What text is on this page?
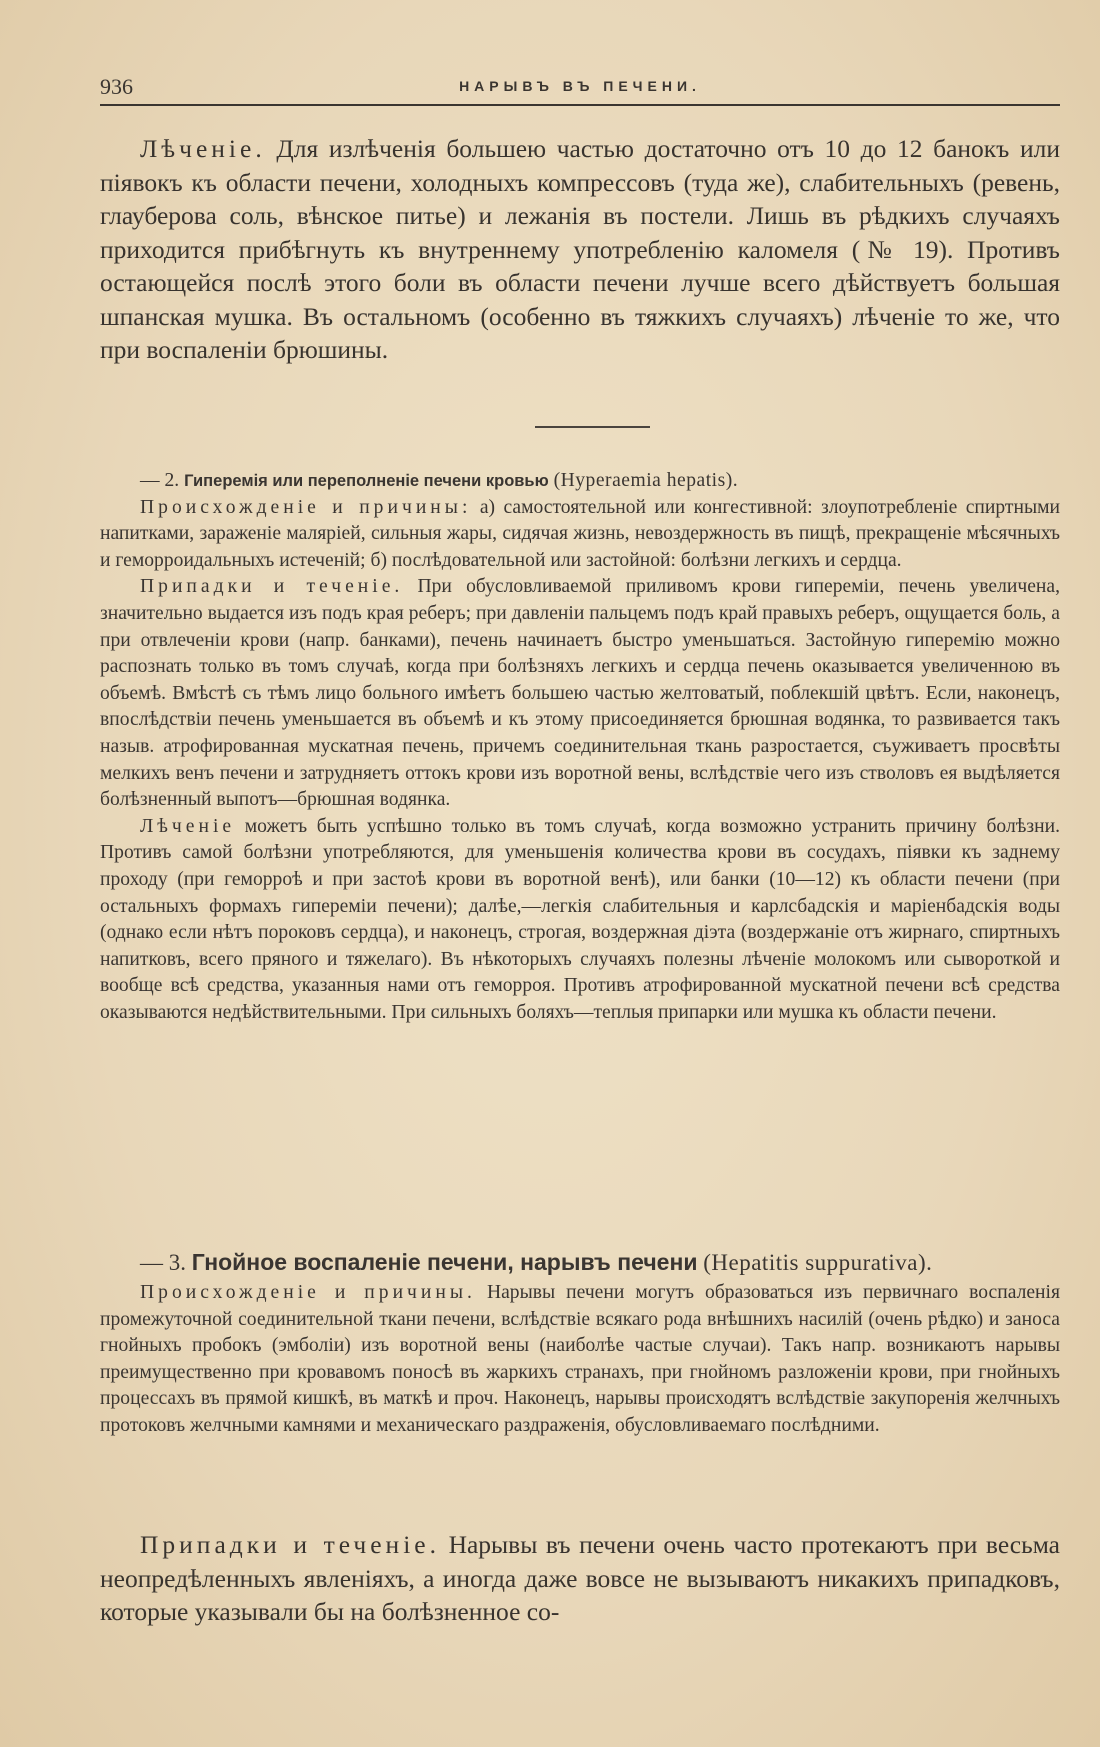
936	НАРЫВЪ ВЪ ПЕЧЕНИ.

Лѣченіе. Для излѣченія большею частью достаточно отъ 10 до 12 банокъ или піявокъ къ области печени, холодныхъ компрессовъ (туда же), слабительныхъ (ревень, глауберова соль, вѣнское питье) и лежанія въ постели. Лишь въ рѣдкихъ случаяхъ приходится прибѣгнуть къ внутреннему употребленію каломеля (№ 19). Противъ остающейся послѣ этого боли въ области печени лучше всего дѣйствуетъ большая шпанская мушка. Въ остальномъ (особенно въ тяжкихъ случаяхъ) лѣченіе то же, что при воспаленіи брюшины.

— 2. Гиперемія или переполненіе печени кровью (Hyperaemia hepatis).

Происхожденіе и причины: а) самостоятельной или конгестивной: злоупотребленіе спиртными напитками, зараженіе маляріей, сильныя жары, сидячая жизнь, невоздержность въ пищѣ, прекращеніе мѣсячныхъ и геморроидальныхъ истеченій; б) послѣдовательной или застойной: болѣзни легкихъ и сердца.

Припадки и теченіе. При обусловливаемой приливомъ крови гипереміи, печень увеличена, значительно выдается изъ подъ края реберъ; при давленіи пальцемъ подъ край правыхъ реберъ, ощущается боль, а при отвлеченіи крови (напр. банками), печень начинаетъ быстро уменьшаться. Застойную гиперемію можно распознать только въ томъ случаѣ, когда при болѣзняхъ легкихъ и сердца печень оказывается увеличенною въ объемѣ. Вмѣстѣ съ тѣмъ лицо больного имѣетъ большею частью желтоватый, поблекшій цвѣтъ. Если, наконецъ, впослѣдствіи печень уменьшается въ объемѣ и къ этому присоединяется брюшная водянка, то развивается такъ назыв. атрофированная мускатная печень, причемъ соединительная ткань разростается, съуживаетъ просвѣты мелкихъ венъ печени и затрудняетъ оттокъ крови изъ воротной вены, вслѣдствіе чего изъ стволовъ ея выдѣляется болѣзненный выпотъ—брюшная водянка.

Лѣченіе можетъ быть успѣшно только въ томъ случаѣ, когда возможно устранить причину болѣзни. Противъ самой болѣзни употребляются, для уменьшенія количества крови въ сосудахъ, піявки къ заднему проходу (при геморроѣ и при застоѣ крови въ воротной венѣ), или банки (10—12) къ области печени (при остальныхъ формахъ гипереміи печени); далѣе,—легкія слабительныя и карлсбадскія и маріенбадскія воды (однако если нѣтъ пороковъ сердца), и наконецъ, строгая, воздержная діэта (воздержаніе отъ жирнаго, спиртныхъ напитковъ, всего пряного и тяжелаго). Въ нѣкоторыхъ случаяхъ полезны лѣченіе молокомъ или сывороткой и вообще всѣ средства, указанныя нами отъ геморроя. Противъ атрофированной мускатной печени всѣ средства оказываются недѣйствительными. При сильныхъ боляхъ—теплыя припарки или мушка къ области печени.

— 3. Гнойное воспаленіе печени, нарывъ печени (Hepatitis suppurativa).

Происхожденіе и причины. Нарывы печени могутъ образоваться изъ первичнаго воспаленія промежуточной соединительной ткани печени, вслѣдствіе всякаго рода внѣшнихъ насилій (очень рѣдко) и заноса гнойныхъ пробокъ (эмболіи) изъ воротной вены (наиболѣе частые случаи). Такъ напр. возникаютъ нарывы преимущественно при кровавомъ поносѣ въ жаркихъ странахъ, при гнойномъ разложеніи крови, при гнойныхъ процессахъ въ прямой кишкѣ, въ маткѣ и проч. Наконецъ, нарывы происходятъ вслѣдствіе закупоренія желчныхъ протоковъ желчными камнями и механическаго раздраженія, обусловливаемаго послѣдними.

Припадки и теченіе. Нарывы въ печени очень часто протекаютъ при весьма неопредѣленныхъ явленіяхъ, а иногда даже вовсе не вызываютъ никакихъ припадковъ, которые указывали бы на болѣзненное со-
